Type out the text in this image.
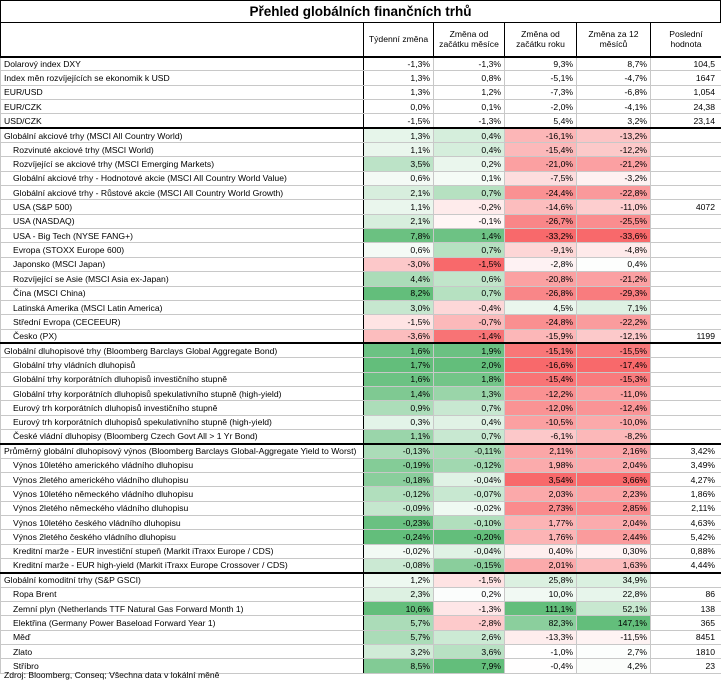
Přehled globálních finančních trhů
	Týdenní změna	Změna od začátku měsíce	Změna od začátku roku	Změna za 12 měsíců	Poslední hodnota
Dolarový index DXY	-1,3%	-1,3%	9,3%	8,7%	104,5
Index měn rozvíjejících se ekonomik k USD	1,3%	0,8%	-5,1%	-4,7%	1647
EUR/USD	1,3%	1,2%	-7,3%	-6,8%	1,054
EUR/CZK	0,0%	0,1%	-2,0%	-4,1%	24,38
USD/CZK	-1,5%	-1,3%	5,4%	3,2%	23,14
Globální akciové trhy (MSCI All Country World)	1,3%	0,4%	-16,1%	-13,2%	
Rozvinuté akciové trhy (MSCI World)	1,1%	0,4%	-15,4%	-12,2%	
Rozvíjející se akciové trhy (MSCI Emerging Markets)	3,5%	0,2%	-21,0%	-21,2%	
Globální akciové trhy - Hodnotové akcie (MSCI All Country World Value)	0,6%	0,1%	-7,5%	-3,2%	
Globální akciové trhy - Růstové akcie (MSCI All Country World Growth)	2,1%	0,7%	-24,4%	-22,8%	
USA (S&P 500)	1,1%	-0,2%	-14,6%	-11,0%	4072
USA (NASDAQ)	2,1%	-0,1%	-26,7%	-25,5%	
USA - Big Tech (NYSE FANG+)	7,8%	1,4%	-33,2%	-33,6%	
Evropa (STOXX Europe 600)	0,6%	0,7%	-9,1%	-4,8%	
Japonsko (MSCI Japan)	-3,0%	-1,5%	-2,8%	0,4%	
Rozvíjející se Asie (MSCI Asia ex-Japan)	4,4%	0,6%	-20,8%	-21,2%	
Čína (MSCI China)	8,2%	0,7%	-26,8%	-29,3%	
Latinská Amerika (MSCI Latin America)	3,0%	-0,4%	4,5%	7,1%	
Střední Evropa (CECEEUR)	-1,5%	-0,7%	-24,8%	-22,2%	
Česko (PX)	-3,6%	-1,4%	-15,9%	-12,1%	1199
Globální dluhopisové trhy (Bloomberg Barclays Global Aggregate Bond)	1,6%	1,9%	-15,1%	-15,5%	
Globální trhy vládních dluhopisů	1,7%	2,0%	-16,6%	-17,4%	
Globální trhy korporátních dluhopisů investičního stupně	1,6%	1,8%	-15,4%	-15,3%	
Globální trhy korporátních dluhopisů spekulativního stupně (high-yield)	1,4%	1,3%	-12,2%	-11,0%	
Eurový trh korporátních dluhopisů investičního stupně	0,9%	0,7%	-12,0%	-12,4%	
Eurový trh korporátních dluhopisů spekulativního stupně (high-yield)	0,3%	0,4%	-10,5%	-10,0%	
České vládní dluhopisy (Bloomberg Czech Govt All > 1 Yr Bond)	1,1%	0,7%	-6,1%	-8,2%	
Průměrný globální dluhopisový výnos (Bloomberg Barclays Global-Aggregate Yield to Worst)	-0,13%	-0,11%	2,11%	2,16%	3,42%
Výnos 10letého amerického vládního dluhopisu	-0,19%	-0,12%	1,98%	2,04%	3,49%
Výnos 2letého amerického vládního dluhopisu	-0,18%	-0,04%	3,54%	3,66%	4,27%
Výnos 10letého německého vládního dluhopisu	-0,12%	-0,07%	2,03%	2,23%	1,86%
Výnos 2letého německého vládního dluhopisu	-0,09%	-0,02%	2,73%	2,85%	2,11%
Výnos 10letého českého vládního dluhopisu	-0,23%	-0,10%	1,77%	2,04%	4,63%
Výnos 2letého českého vládního dluhopisu	-0,24%	-0,20%	1,76%	2,44%	5,42%
Kreditní marže - EUR investiční stupeň (Markit iTraxx Europe / CDS)	-0,02%	-0,04%	0,40%	0,30%	0,88%
Kreditní marže - EUR high-yield (Markit iTraxx Europe Crossover / CDS)	-0,08%	-0,15%	2,01%	1,63%	4,44%
Globální komoditní trhy (S&P GSCI)	1,2%	-1,5%	25,8%	34,9%	
Ropa Brent	2,3%	0,2%	10,0%	22,8%	86
Zemní plyn (Netherlands TTF Natural Gas Forward Month 1)	10,6%	-1,3%	111,1%	52,1%	138
Elektřina (Germany Power Baseload Forward Year 1)	5,7%	-2,8%	82,3%	147,1%	365
Měď	5,7%	2,6%	-13,3%	-11,5%	8451
Zlato	3,2%	3,6%	-1,0%	2,7%	1810
Stříbro	8,5%	7,9%	-0,4%	4,2%	23
Zdroj: Bloomberg, Conseq; Všechna data v lokální měně
